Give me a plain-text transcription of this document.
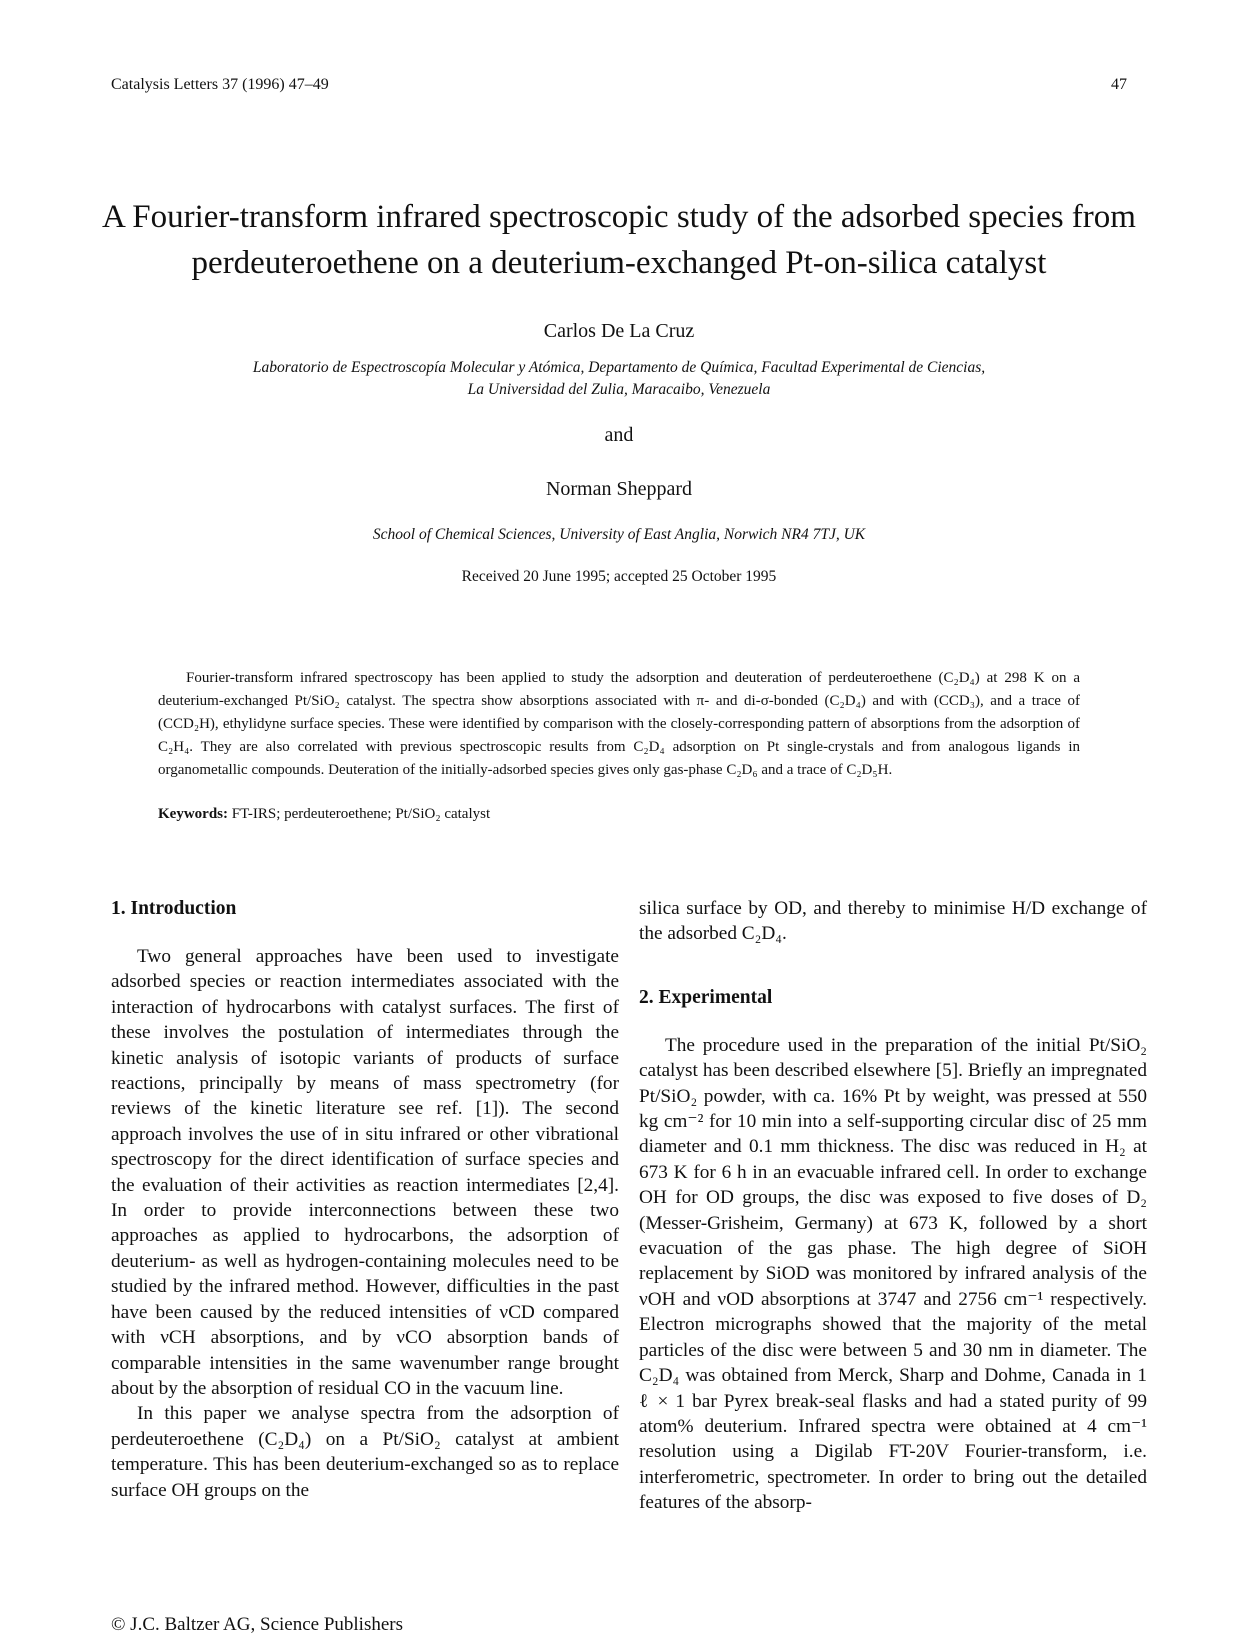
Catalysis Letters 37 (1996) 47–49	47
A Fourier-transform infrared spectroscopic study of the adsorbed species from perdeuteroethene on a deuterium-exchanged Pt-on-silica catalyst
Carlos De La Cruz
Laboratorio de Espectroscopía Molecular y Atómica, Departamento de Química, Facultad Experimental de Ciencias,
La Universidad del Zulia, Maracaibo, Venezuela
and
Norman Sheppard
School of Chemical Sciences, University of East Anglia, Norwich NR4 7TJ, UK
Received 20 June 1995; accepted 25 October 1995
Fourier-transform infrared spectroscopy has been applied to study the adsorption and deuteration of perdeuteroethene (C₂D₄) at 298 K on a deuterium-exchanged Pt/SiO₂ catalyst. The spectra show absorptions associated with π- and di-σ-bonded (C₂D₄) and with (CCD₃), and a trace of (CCD₂H), ethylidyne surface species. These were identified by comparison with the closely-corresponding pattern of absorptions from the adsorption of C₂H₄. They are also correlated with previous spectroscopic results from C₂D₄ adsorption on Pt single-crystals and from analogous ligands in organometallic compounds. Deuteration of the initially-adsorbed species gives only gas-phase C₂D₆ and a trace of C₂D₅H.
Keywords: FT-IRS; perdeuteroethene; Pt/SiO₂ catalyst
1. Introduction

Two general approaches have been used to investigate adsorbed species or reaction intermediates associated with the interaction of hydrocarbons with catalyst surfaces. The first of these involves the postulation of intermediates through the kinetic analysis of isotopic variants of products of surface reactions, principally by means of mass spectrometry (for reviews of the kinetic literature see ref. [1]). The second approach involves the use of in situ infrared or other vibrational spectroscopy for the direct identification of surface species and the evaluation of their activities as reaction intermediates [2,4]. In order to provide interconnections between these two approaches as applied to hydrocarbons, the adsorption of deuterium- as well as hydrogen-containing molecules need to be studied by the infrared method. However, difficulties in the past have been caused by the reduced intensities of νCD compared with νCH absorptions, and by νCO absorption bands of comparable intensities in the same wavenumber range brought about by the absorption of residual CO in the vacuum line.

In this paper we analyse spectra from the adsorption of perdeuteroethene (C₂D₄) on a Pt/SiO₂ catalyst at ambient temperature. This has been deuterium-exchanged so as to replace surface OH groups on the

silica surface by OD, and thereby to minimise H/D exchange of the adsorbed C₂D₄.

2. Experimental

The procedure used in the preparation of the initial Pt/SiO₂ catalyst has been described elsewhere [5]. Briefly an impregnated Pt/SiO₂ powder, with ca. 16% Pt by weight, was pressed at 550 kg cm⁻² for 10 min into a self-supporting circular disc of 25 mm diameter and 0.1 mm thickness. The disc was reduced in H₂ at 673 K for 6 h in an evacuable infrared cell. In order to exchange OH for OD groups, the disc was exposed to five doses of D₂ (Messer-Grisheim, Germany) at 673 K, followed by a short evacuation of the gas phase. The high degree of SiOH replacement by SiOD was monitored by infrared analysis of the νOH and νOD absorptions at 3747 and 2756 cm⁻¹ respectively. Electron micrographs showed that the majority of the metal particles of the disc were between 5 and 30 nm in diameter. The C₂D₄ was obtained from Merck, Sharp and Dohme, Canada in 1 ℓ × 1 bar Pyrex break-seal flasks and had a stated purity of 99 atom% deuterium. Infrared spectra were obtained at 4 cm⁻¹ resolution using a Digilab FT-20V Fourier-transform, i.e. interferometric, spectrometer. In order to bring out the detailed features of the absorp-

© J.C. Baltzer AG, Science Publishers
